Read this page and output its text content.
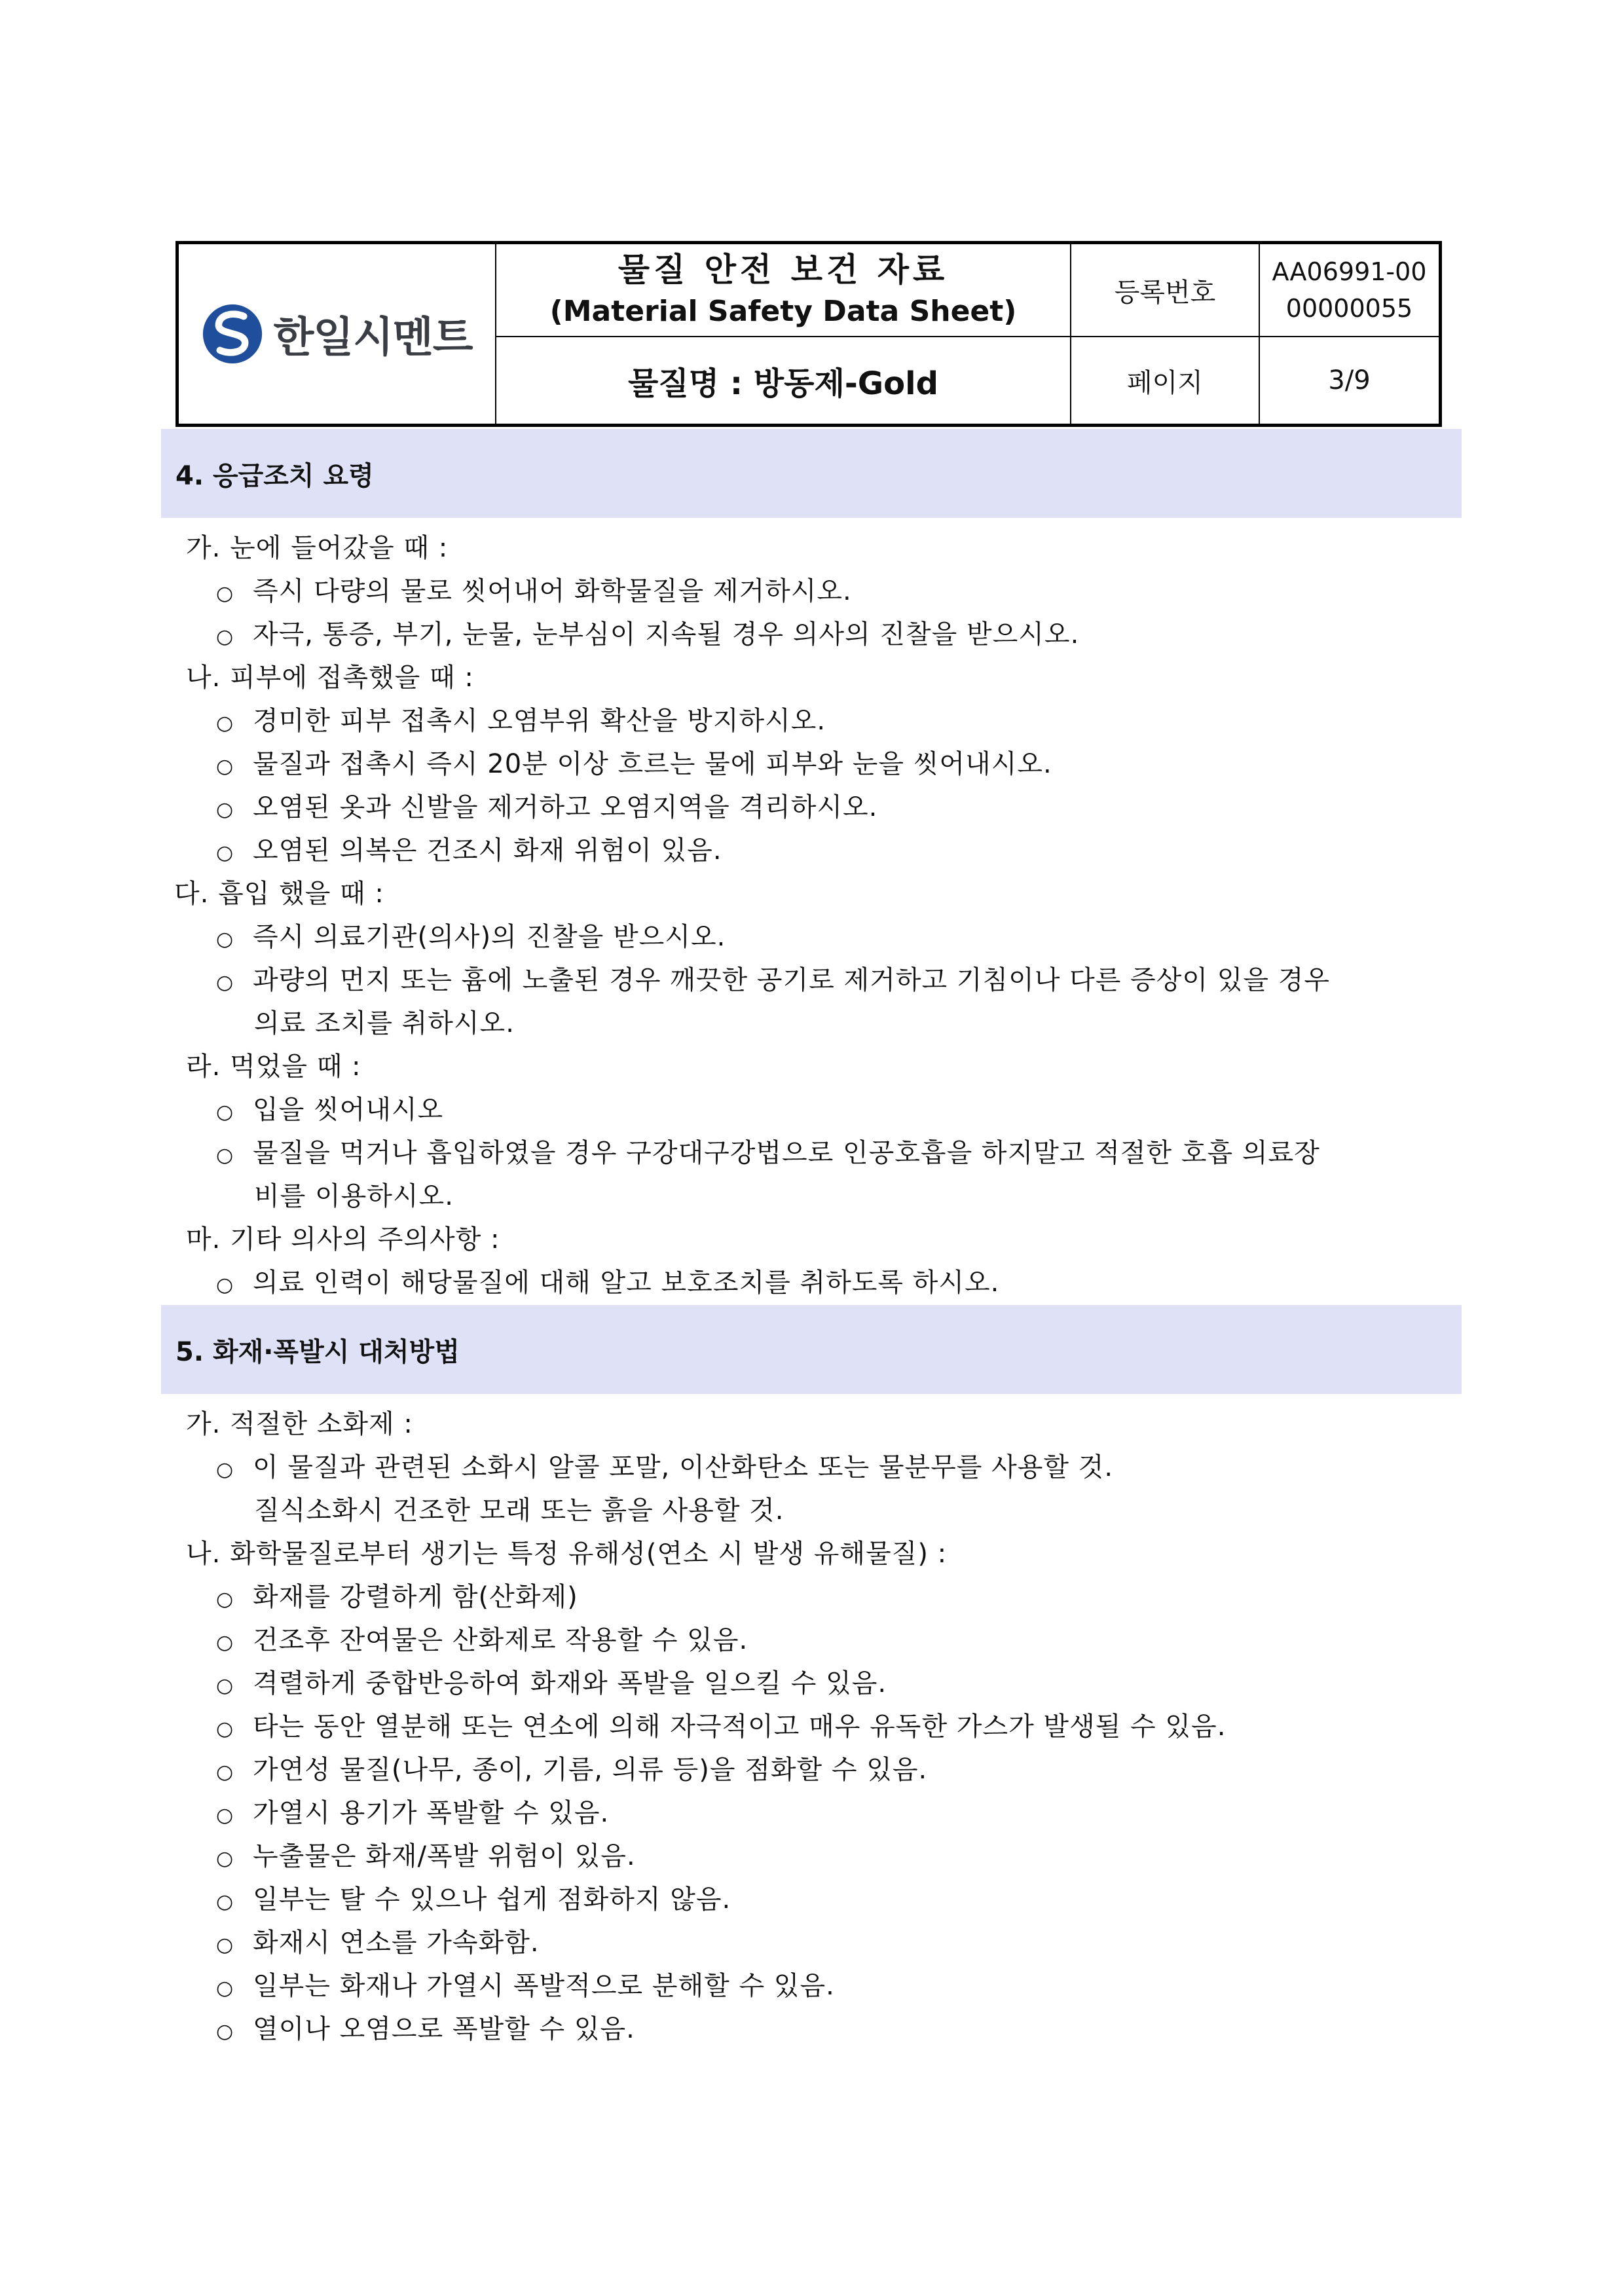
한일시멘트
물질 안전 보건 자료
(Material Safety Data Sheet)
물질명 : 방동제-Gold
등록번호
페이지
AA06991-00
00000055
3/9
4. 응급조치 요령
가. 눈에 들어갔을 때 :
○ 즉시 다량의 물로 씻어내어 화학물질을 제거하시오.
○ 자극, 통증, 부기, 눈물, 눈부심이 지속될 경우 의사의 진찰을 받으시오.
나. 피부에 접촉했을 때 :
○ 경미한 피부 접촉시 오염부위 확산을 방지하시오.
○ 물질과 접촉시 즉시 20분 이상 흐르는 물에 피부와 눈을 씻어내시오.
○ 오염된 옷과 신발을 제거하고 오염지역을 격리하시오.
○ 오염된 의복은 건조시 화재 위험이 있음.
다. 흡입 했을 때 :
○ 즉시 의료기관(의사)의 진찰을 받으시오.
○ 과량의 먼지 또는 흄에 노출된 경우 깨끗한 공기로 제거하고 기침이나 다른 증상이 있을 경우
의료 조치를 취하시오.
라. 먹었을 때 :
○ 입을 씻어내시오
○ 물질을 먹거나 흡입하였을 경우 구강대구강법으로 인공호흡을 하지말고 적절한 호흡 의료장
비를 이용하시오.
마. 기타 의사의 주의사항 :
○ 의료 인력이 해당물질에 대해 알고 보호조치를 취하도록 하시오.
5. 화재·폭발시 대처방법
가. 적절한 소화제 :
○ 이 물질과 관련된 소화시 알콜 포말, 이산화탄소 또는 물분무를 사용할 것.
질식소화시 건조한 모래 또는 흙을 사용할 것.
나. 화학물질로부터 생기는 특정 유해성(연소 시 발생 유해물질) :
○ 화재를 강렬하게 함(산화제)
○ 건조후 잔여물은 산화제로 작용할 수 있음.
○ 격렬하게 중합반응하여 화재와 폭발을 일으킬 수 있음.
○ 타는 동안 열분해 또는 연소에 의해 자극적이고 매우 유독한 가스가 발생될 수 있음.
○ 가연성 물질(나무, 종이, 기름, 의류 등)을 점화할 수 있음.
○ 가열시 용기가 폭발할 수 있음.
○ 누출물은 화재/폭발 위험이 있음.
○ 일부는 탈 수 있으나 쉽게 점화하지 않음.
○ 화재시 연소를 가속화함.
○ 일부는 화재나 가열시 폭발적으로 분해할 수 있음.
○ 열이나 오염으로 폭발할 수 있음.
